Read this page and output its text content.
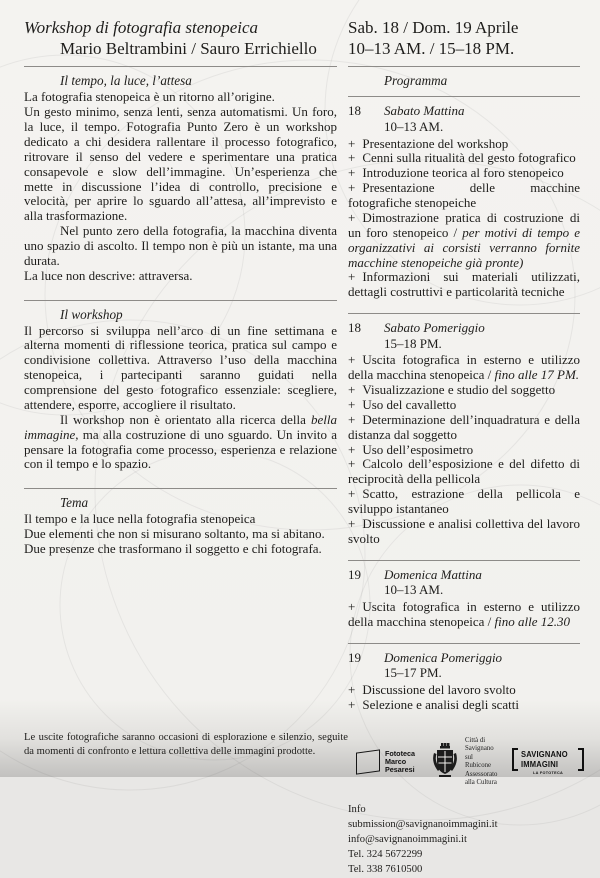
Workshop di fotografia stenopeica

Mario Beltrambini / Sauro Errichiello

Il tempo, la luce, l’attesa

La fotografia stenopeica è un ritorno all’origine.

Un gesto minimo, senza lenti, senza automatismi. Un foro, la luce, il tempo. Fotografia Punto Zero è un workshop dedicato a chi desidera rallentare il processo fotografico, ritrovare il senso del vedere e sperimentare una pratica consapevole e slow dell’immagine. Un’esperienza che mette in discussione l’idea di controllo, precisione e velocità, per aprire lo sguardo all’attesa, all’imprevisto e alla trasformazione.

Nel punto zero della fotografia, la macchina diventa uno spazio di ascolto. Il tempo non è più un istante, ma una durata.

La luce non descrive: attraversa.

Il workshop

Il percorso si sviluppa nell’arco di un fine settimana e alterna momenti di riflessione teorica, pratica sul campo e condivisione collettiva. Attraverso l’uso della macchina stenopeica, i partecipanti saranno guidati nella comprensione del gesto fotografico essenziale: scegliere, attendere, esporre, accogliere il risultato.

Il workshop non è orientato alla ricerca della bella immagine, ma alla costruzione di uno sguardo. Un invito a pensare la fotografia come processo, esperienza e relazione con il tempo e lo spazio.

Tema

Il tempo e la luce nella fotografia stenopeica

Due elementi che non si misurano soltanto, ma si abitano.

Due presenze che trasformano il soggetto e chi fotografa.

Le uscite fotografiche saranno occasioni di esplorazione e silenzio, seguite da momenti di confronto e lettura collettiva delle immagini prodotte.

Sab. 18 / Dom. 19 Aprile

10–13 AM. / 15–18 PM.

Programma

18 Sabato Mattina

10–13 AM.

+ Presentazione del workshop

+ Cenni sulla ritualità del gesto fotografico

+ Introduzione teorica al foro stenopeico

+ Presentazione delle macchine fotografiche stenopeiche

+ Dimostrazione pratica di costruzione di un foro stenopeico / per motivi di tempo e organizzativi ai corsisti verranno fornite macchine stenopeiche già pronte)

+ Informazioni sui materiali utilizzati, dettagli costruttivi e particolarità tecniche

18 Sabato Pomeriggio

15–18 PM.

+ Uscita fotografica in esterno e utilizzo della macchina stenopeica / fino alle 17 PM.

+ Visualizzazione e studio del soggetto

+ Uso del cavalletto

+ Determinazione dell’inquadratura e della distanza dal soggetto

+ Uso dell’esposimetro

+ Calcolo dell’esposizione e del difetto di reciprocità della pellicola

+ Scatto, estrazione della pellicola e sviluppo istantaneo

+ Discussione e analisi collettiva del lavoro svolto

19 Domenica Mattina

10–13 AM.

+ Uscita fotografica in esterno e utilizzo della macchina stenopeica / fino alle 12.30

19 Domenica Pomeriggio

15–17 PM.

+ Discussione del lavoro svolto

+ Selezione e analisi degli scatti

Fototeca
Marco
Pesaresi
Città di Savignano
sul Rubicone
Assessorato alla Cultura
SAVIGNANO
IMMAGINI
LA FOTOTECA
Info
submission@savignanoimmagini.it
info@savignanoimmagini.it
Tel. 324 5672299
Tel. 338 7610500
